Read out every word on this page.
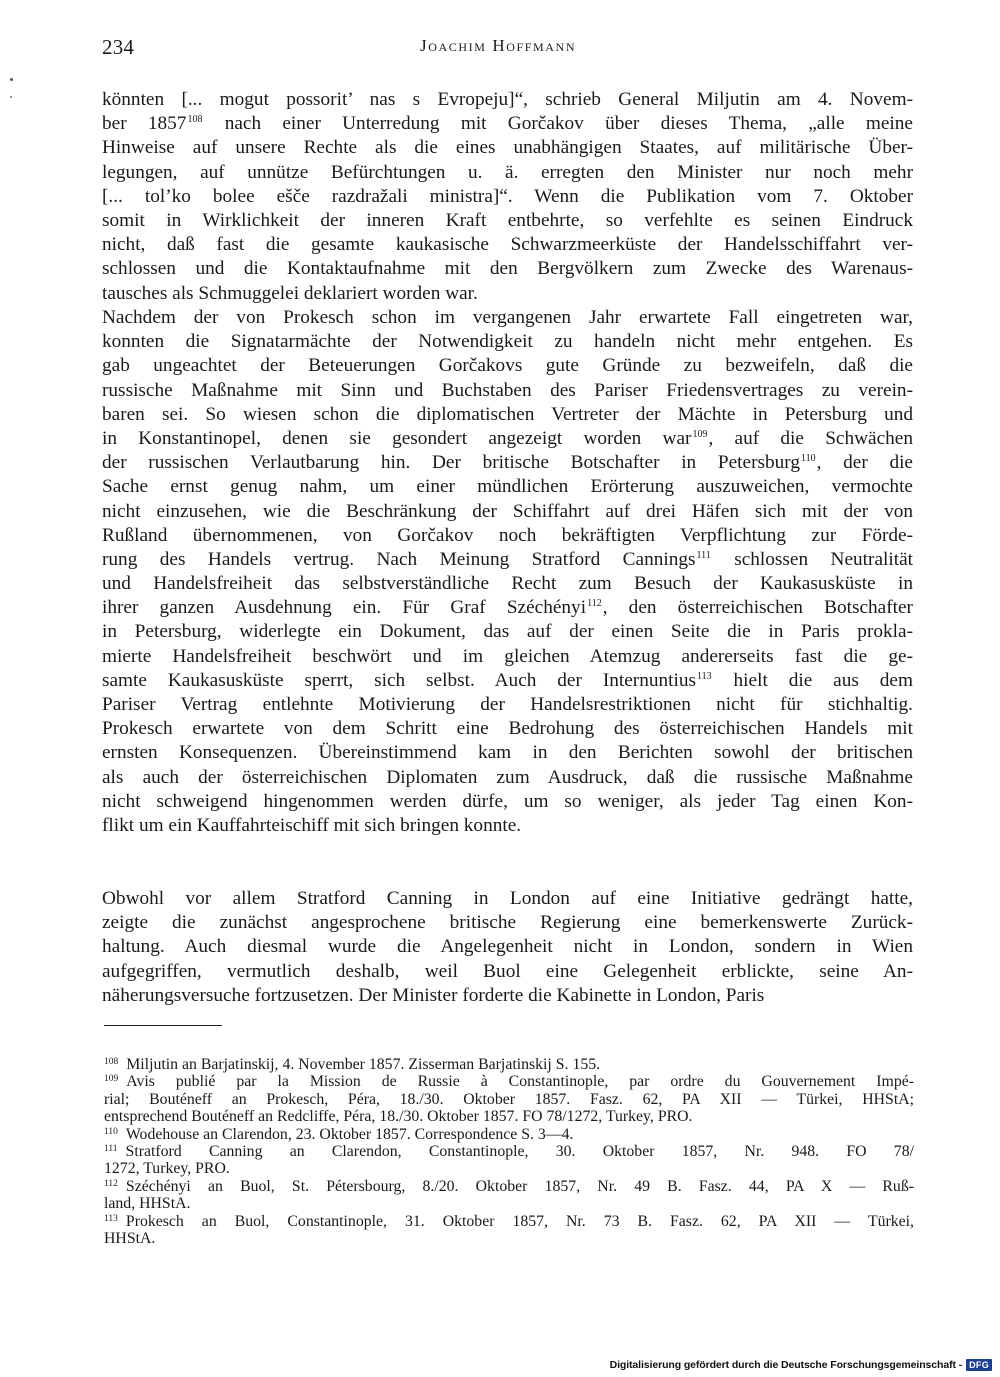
234	Joachim Hoffmann
könnten [... mogut possorit’ nas s Evropeju]“, schrieb General Miljutin am 4. Novem-
ber 1857$^{108}$ nach einer Unterredung mit Gorčakov über dieses Thema, „alle meine
Hinweise auf unsere Rechte als die eines unabhängigen Staates, auf militärische Über-
legungen, auf unnütze Befürchtungen u. ä. erregten den Minister nur noch mehr
[... tol’ko bolee ešče razdražali ministra]“. Wenn die Publikation vom 7. Oktober
somit in Wirklichkeit der inneren Kraft entbehrte, so verfehlte es seinen Eindruck
nicht, daß fast die gesamte kaukasische Schwarzmeerküste der Handelsschiffahrt ver-
schlossen und die Kontaktaufnahme mit den Bergvölkern zum Zwecke des Warenaus-
tausches als Schmuggelei deklariert worden war.
Nachdem der von Prokesch schon im vergangenen Jahr erwartete Fall eingetreten war,
konnten die Signatarmächte der Notwendigkeit zu handeln nicht mehr entgehen. Es
gab ungeachtet der Beteuerungen Gorčakovs gute Gründe zu bezweifeln, daß die
russische Maßnahme mit Sinn und Buchstaben des Pariser Friedensvertrages zu verein-
baren sei. So wiesen schon die diplomatischen Vertreter der Mächte in Petersburg und
in Konstantinopel, denen sie gesondert angezeigt worden war$^{109}$, auf die Schwächen
der russischen Verlautbarung hin. Der britische Botschafter in Petersburg$^{110}$, der die
Sache ernst genug nahm, um einer mündlichen Erörterung auszuweichen, vermochte
nicht einzusehen, wie die Beschränkung der Schiffahrt auf drei Häfen sich mit der von
Rußland übernommenen, von Gorčakov noch bekräftigten Verpflichtung zur Förde-
rung des Handels vertrug. Nach Meinung Stratford Cannings$^{111}$ schlossen Neutralität
und Handelsfreiheit das selbstverständliche Recht zum Besuch der Kaukasusküste in
ihrer ganzen Ausdehnung ein. Für Graf Széchényi$^{112}$, den österreichischen Botschafter
in Petersburg, widerlegte ein Dokument, das auf der einen Seite die in Paris prokla-
mierte Handelsfreiheit beschwört und im gleichen Atemzug andererseits fast die ge-
samte Kaukasusküste sperrt, sich selbst. Auch der Internuntius$^{113}$ hielt die aus dem
Pariser Vertrag entlehnte Motivierung der Handelsrestriktionen nicht für stichhaltig.
Prokesch erwartete von dem Schritt eine Bedrohung des österreichischen Handels mit
ernsten Konsequenzen. Übereinstimmend kam in den Berichten sowohl der britischen
als auch der österreichischen Diplomaten zum Ausdruck, daß die russische Maßnahme
nicht schweigend hingenommen werden dürfe, um so weniger, als jeder Tag einen Kon-
flikt um ein Kauffahrteischiff mit sich bringen konnte.
Obwohl vor allem Stratford Canning in London auf eine Initiative gedrängt hatte,
zeigte die zunächst angesprochene britische Regierung eine bemerkenswerte Zurück-
haltung. Auch diesmal wurde die Angelegenheit nicht in London, sondern in Wien
aufgegriffen, vermutlich deshalb, weil Buol eine Gelegenheit erblickte, seine An-
näherungsversuche fortzusetzen. Der Minister forderte die Kabinette in London, Paris
$^{108}$ Miljutin an Barjatinskij, 4. November 1857. Zisserman Barjatinskij S. 155.
$^{109}$ Avis publié par la Mission de Russie à Constantinople, par ordre du Gouvernement Impé-
rial; Bouténeff an Prokesch, Péra, 18./30. Oktober 1857. Fasz. 62, PA XII — Türkei, HHStA;
entsprechend Bouténeff an Redcliffe, Péra, 18./30. Oktober 1857. FO 78/1272, Turkey, PRO.
$^{110}$ Wodehouse an Clarendon, 23. Oktober 1857. Correspondence S. 3—4.
$^{111}$ Stratford Canning an Clarendon, Constantinople, 30. Oktober 1857, Nr. 948. FO 78/
1272, Turkey, PRO.
$^{112}$ Széchényi an Buol, St. Pétersbourg, 8./20. Oktober 1857, Nr. 49 B. Fasz. 44, PA X — Ruß-
land, HHStA.
$^{113}$ Prokesch an Buol, Constantinople, 31. Oktober 1857, Nr. 73 B. Fasz. 62, PA XII — Türkei,
HHStA.
Digitalisierung gefördert durch die Deutsche Forschungsgemeinschaft - DFG
